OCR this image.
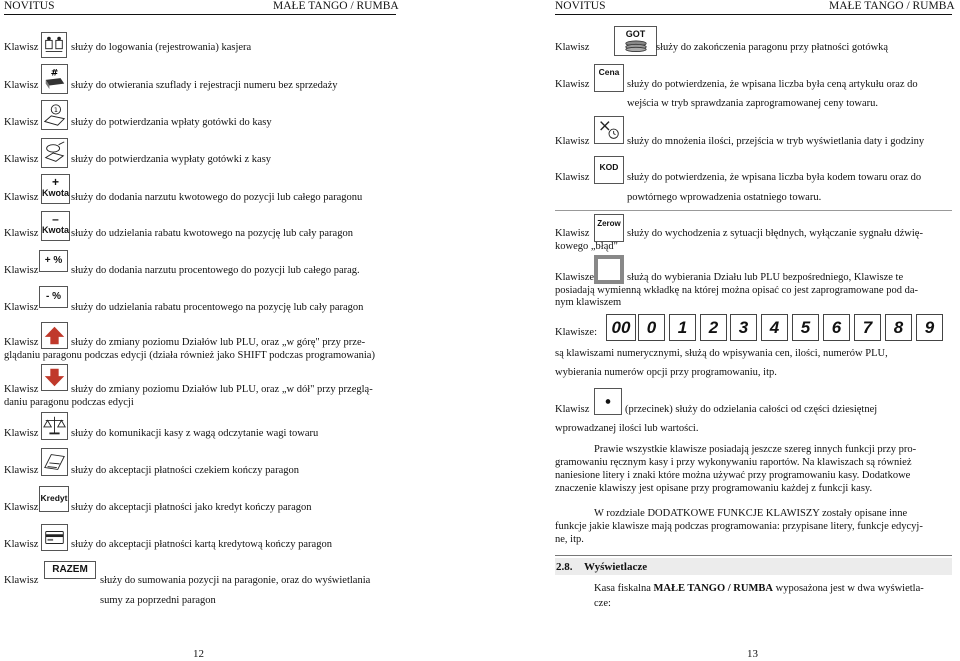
NOVITUS	MAŁE TANGO / RUMBA
Klawisz	służy do logowania (rejestrowania) kasjera
Klawisz
#
służy do otwierania szuflady i rejestracji numeru bez sprzedaży
Klawisz
1
służy do potwierdzania wpłaty gotówki do kasy
Klawisz	służy do potwierdzania wypłaty gotówki z kasy
Klawisz
+
Kwota służy do dodania narzutu kwotowego do pozycji lub całego paragonu
Klawisz
–
Kwota służy do udzielania rabatu kwotowego na pozycję lub cały paragon
Klawisz
+ %
służy do dodania narzutu procentowego do pozycji lub całego parag.
Klawisz
- %
służy do udzielania rabatu procentowego na pozycję lub cały paragon
Klawisz	służy do zmiany poziomu Działów lub PLU, oraz „w górę" przy prze-
glądaniu paragonu podczas edycji (działa również jako SHIFT podczas programowania)
Klawisz	służy do zmiany poziomu Działów lub PLU, oraz „w dół" przy przeglą-
daniu paragonu podczas edycji
Klawisz	służy do komunikacji kasy z wagą odczytanie wagi towaru
Klawisz	służy do akceptacji płatności czekiem kończy paragon
Klawisz
Kredyt
służy do akceptacji płatności jako kredyt kończy paragon
Klawisz	służy do akceptacji płatności kartą kredytową kończy paragon
Klawisz
RAZEM
służy do sumowania pozycji na paragonie, oraz do wyświetlania
sumy za poprzedni paragon
12
NOVITUS	MAŁE TANGO / RUMBA
Klawisz
GOT
służy do zakończenia paragonu przy płatności gotówką
Klawisz
Cena
służy do potwierdzenia, że wpisana liczba była ceną artykułu oraz do
wejścia w tryb sprawdzania zaprogramowanej ceny towaru.
Klawisz	służy do mnożenia ilości, przejścia w tryb wyświetlania daty i godziny
Klawisz
KOD
służy do potwierdzenia, że wpisana liczba była kodem towaru oraz do
powtórnego wprowadzenia ostatniego towaru.
Klawisz
Zerow
służy do wychodzenia z sytuacji błędnych, wyłączanie sygnału dźwię-
kowego „błąd"
Klawisze	służą do wybierania Działu lub PLU bezpośredniego, Klawisze te
posiadają wymienną wkładkę na której można opisać co jest zaprogramowane pod da-
nym klawiszem
Klawisze: 00 0	1	2	3	4	5	6	7	8	9
są klawiszami numerycznymi, służą do wpisywania cen, ilości, numerów PLU,
wybierania numerów opcji przy programowaniu, itp.
Klawisz	(przecinek) służy do odzielania całości od części dziesiętnej
wprowadzanej ilości lub wartości.
Prawie wszystkie klawisze posiadają jeszcze szereg innych funkcji przy pro-
gramowaniu ręcznym kasy i przy wykonywaniu raportów. Na klawiszach są również
naniesione litery i znaki które można używać przy programowaniu kasy. Dodatkowe
znaczenie klawiszy jest opisane przy programowaniu każdej z funkcji kasy.
W rozdziale DODATKOWE FUNKCJE KLAWISZY zostały opisane inne
funkcje jakie klawisze mają podczas programowania: przypisane litery, funkcje edycyj-
ne, itp.
2.8. Wyświetlacze
Kasa fiskalna MAŁE TANGO / RUMBA wyposażona jest w dwa wyświetla-
cze:
13
